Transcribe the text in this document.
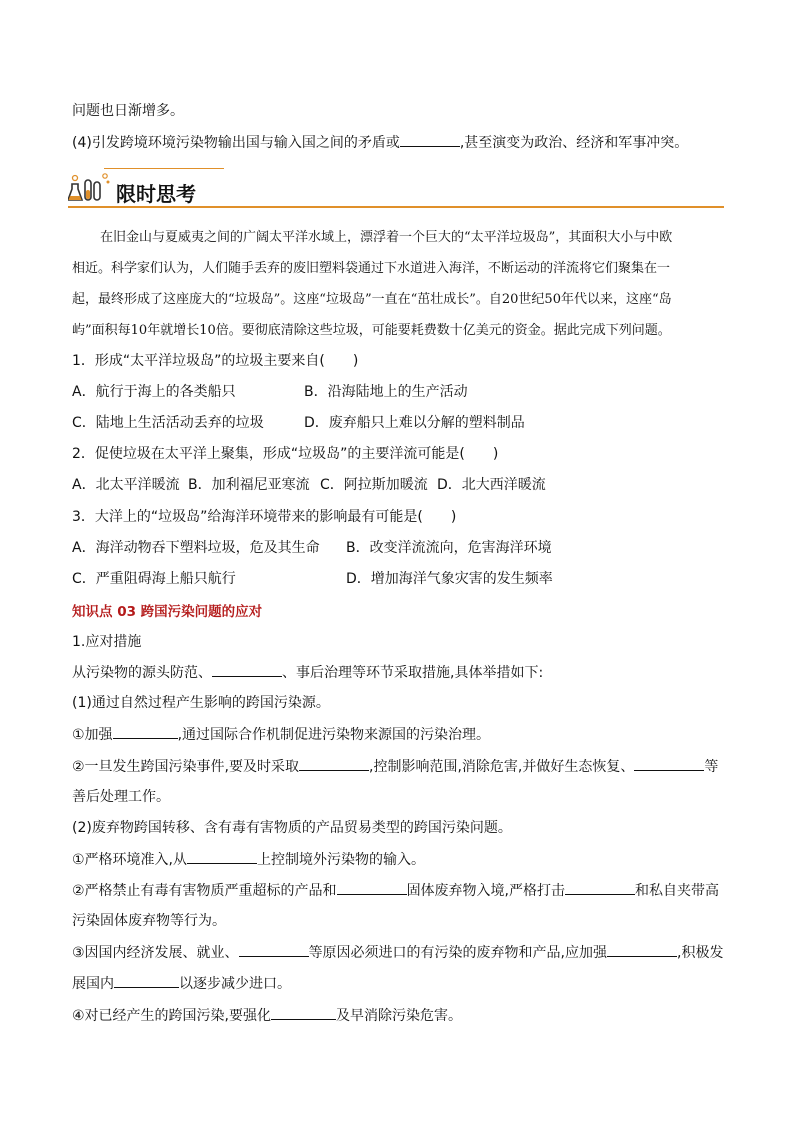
问题也日渐增多。
(4)引发跨境环境污染物输出国与输入国之间的矛盾或	,甚至演变为政治、经济和军事冲突。
限时思考
在旧金山与夏威夷之间的广阔太平洋水域上，漂浮着一个巨大的“太平洋垃圾岛”，其面积大小与中欧
相近。科学家们认为，人们随手丢弃的废旧塑料袋通过下水道进入海洋，不断运动的洋流将它们聚集在一
起，最终形成了这座庞大的“垃圾岛”。这座“垃圾岛”一直在“茁壮成长”。自20世纪50年代以来，这座“岛
屿”面积每10年就增长10倍。要彻底清除这些垃圾，可能要耗费数十亿美元的资金。据此完成下列问题。
1．形成“太平洋垃圾岛”的垃圾主要来自(　　)
A．航行于海上的各类船只	B．沿海陆地上的生产活动
C．陆地上生活活动丢弃的垃圾	D．废弃船只上难以分解的塑料制品
2．促使垃圾在太平洋上聚集，形成“垃圾岛”的主要洋流可能是(　　)
A．北太平洋暖流 B．加利福尼亚寒流 C．阿拉斯加暖流 D．北大西洋暖流
3．大洋上的“垃圾岛”给海洋环境带来的影响最有可能是(　　)
A．海洋动物吞下塑料垃圾，危及其生命 B．改变洋流流向，危害海洋环境
C．严重阻碍海上船只航行	D．增加海洋气象灾害的发生频率
知识点 03 跨国污染问题的应对
1.应对措施
从污染物的源头防范、	、事后治理等环节采取措施,具体举措如下:
(1)通过自然过程产生影响的跨国污染源。
①加强	,通过国际合作机制促进污染物来源国的污染治理。
②一旦发生跨国污染事件,要及时采取	,控制影响范围,消除危害,并做好生态恢复、	等
善后处理工作。
(2)废弃物跨国转移、含有毒有害物质的产品贸易类型的跨国污染问题。
①严格环境准入,从	上控制境外污染物的输入。
②严格禁止有毒有害物质严重超标的产品和	固体废弃物入境,严格打击	和私自夹带高
污染固体废弃物等行为。
③因国内经济发展、就业、	等原因必须进口的有污染的废弃物和产品,应加强	,积极发
展国内	以逐步减少进口。
④对已经产生的跨国污染,要强化	及早消除污染危害。
